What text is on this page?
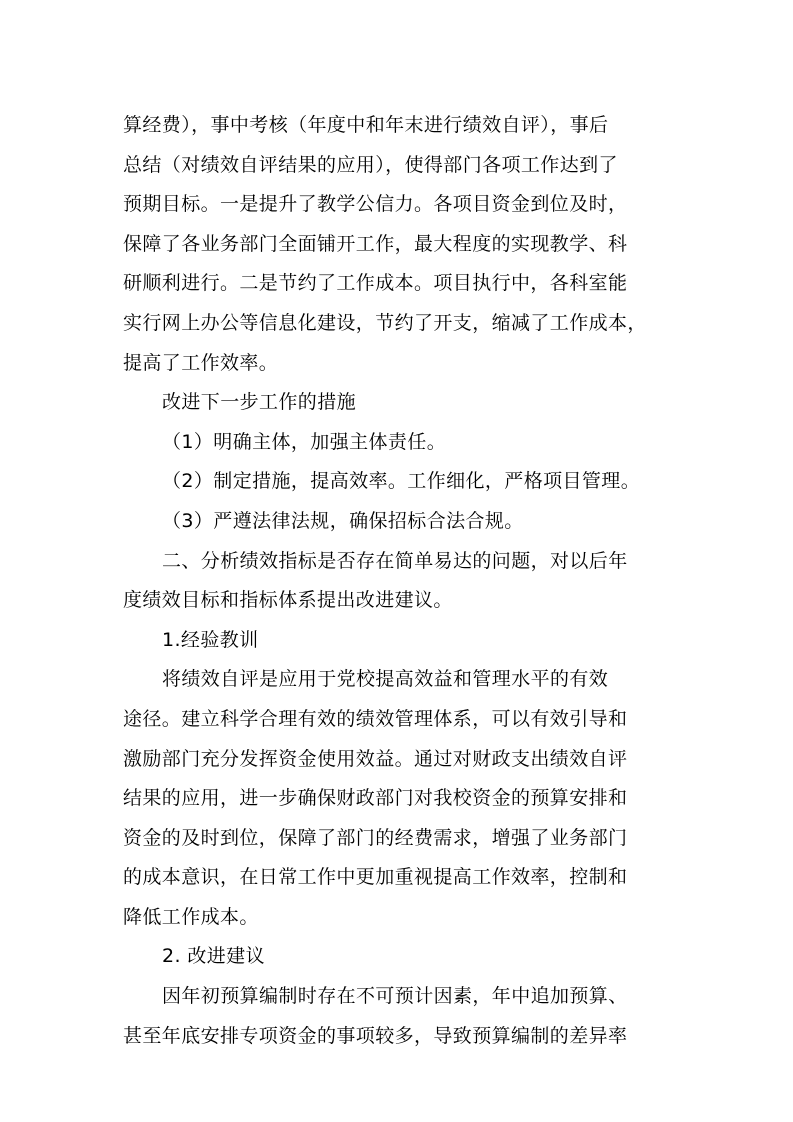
算经费），事中考核（年度中和年末进行绩效自评），事后
总结（对绩效自评结果的应用），使得部门各项工作达到了
预期目标。一是提升了教学公信力。各项目资金到位及时，
保障了各业务部门全面铺开工作，最大程度的实现教学、科
研顺利进行。二是节约了工作成本。项目执行中，各科室能
实行网上办公等信息化建设，节约了开支，缩减了工作成本，
提高了工作效率。
改进下一步工作的措施
（1）明确主体，加强主体责任。
（2）制定措施，提高效率。工作细化，严格项目管理。
（3）严遵法律法规，确保招标合法合规。
二、分析绩效指标是否存在简单易达的问题，对以后年
度绩效目标和指标体系提出改进建议。
1.经验教训
将绩效自评是应用于党校提高效益和管理水平的有效
途径。建立科学合理有效的绩效管理体系，可以有效引导和
激励部门充分发挥资金使用效益。通过对财政支出绩效自评
结果的应用，进一步确保财政部门对我校资金的预算安排和
资金的及时到位，保障了部门的经费需求，增强了业务部门
的成本意识，在日常工作中更加重视提高工作效率，控制和
降低工作成本。
2. 改进建议
因年初预算编制时存在不可预计因素，年中追加预算、
甚至年底安排专项资金的事项较多，导致预算编制的差异率
